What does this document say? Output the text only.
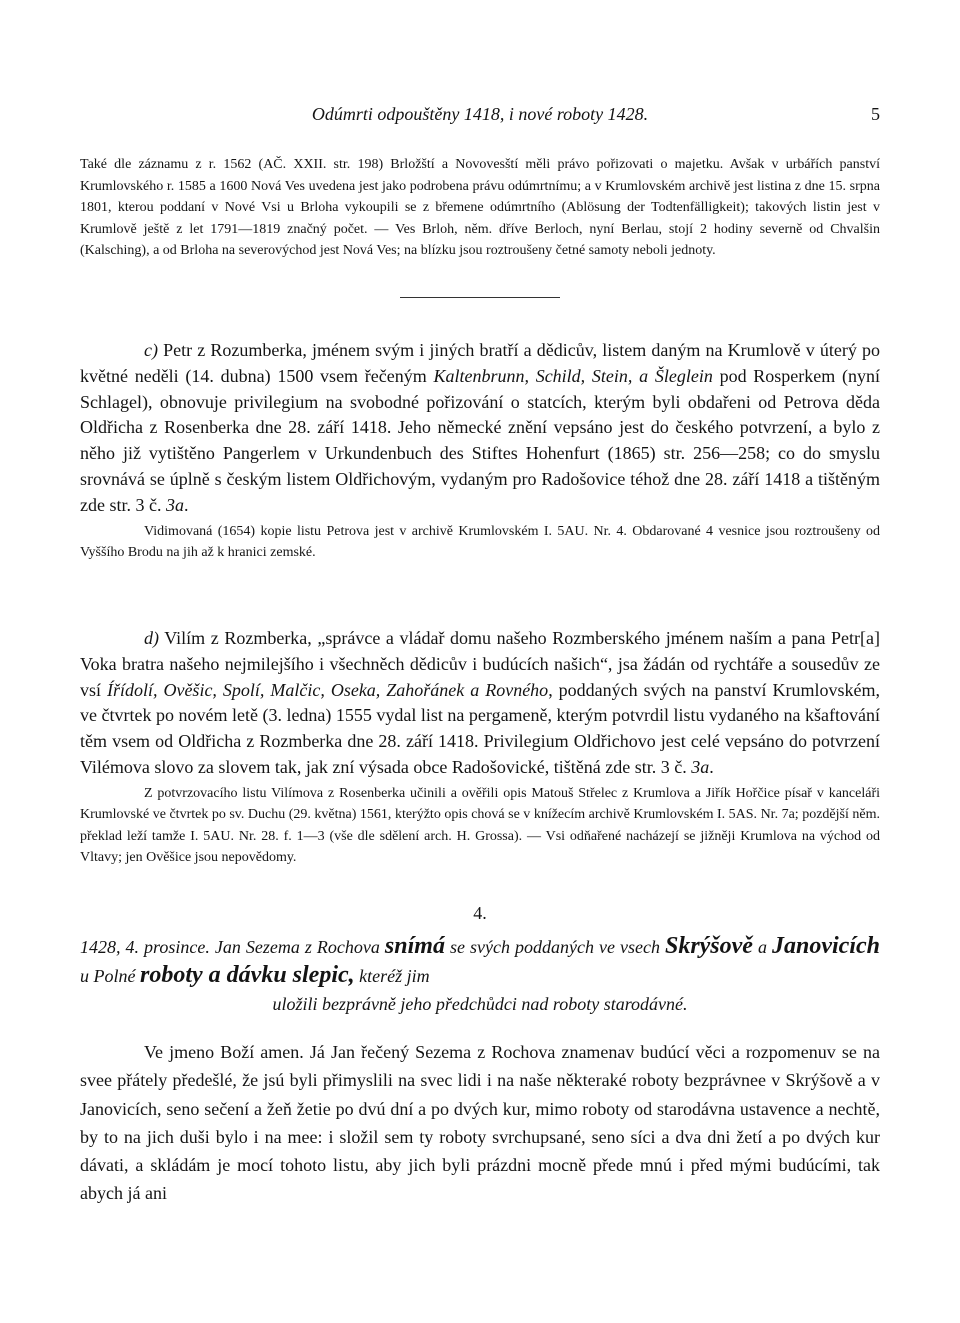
Odúmrti odpouštěny 1418, i nové roboty 1428.	5

Také dle záznamu z r. 1562 (AČ. XXII. str. 198) Brložští a Novovesští měli právo pořizovati o majetku. Avšak v urbářích panství Krumlovského r. 1585 a 1600 Nová Ves uvedena jest jako podrobena právu odúmrtnímu; a v Krumlovském archivě jest listina z dne 15. srpna 1801, kterou poddaní v Nové Vsi u Brloha vykoupili se z břemene odúmrtního (Ablösung der Todtenfälligkeit); takových listin jest v Krumlově ještě z let 1791—1819 značný počet. — Ves Brloh, něm. dříve Berloch, nyní Berlau, stojí 2 hodiny severně od Chvalšin (Kalsching), a od Brloha na severovýchod jest Nová Ves; na blízku jsou roztroušeny četné samoty neboli jednoty.

c) Petr z Rozumberka, jménem svým i jiných bratří a dědicův, listem daným na Krumlově v úterý po květné neděli (14. dubna) 1500 vsem řečeným Kaltenbrunn, Schild, Stein, a Šleglein pod Rosperkem (nyní Schlagel), obnovuje privilegium na svobodné pořizování o statcích, kterým byli obdařeni od Petrova děda Oldřicha z Rosenberka dne 28. září 1418. Jeho německé znění vepsáno jest do českého potvrzení, a bylo z něho již vytištěno Pangerlem v Urkundenbuch des Stiftes Hohenfurt (1865) str. 256—258; co do smyslu srovnává se úplně s českým listem Oldřichovým, vydaným pro Radošovice téhož dne 28. září 1418 a tištěným zde str. 3 č. 3a.

Vidimovaná (1654) kopie listu Petrova jest v archivě Krumlovském I. 5AU. Nr. 4. Obdarované 4 vesnice jsou roztroušeny od Vyššího Brodu na jih až k hranici zemské.

d) Vilím z Rozmberka, „správce a vládař domu našeho Rozmberského jménem naším a pana Petr[a] Voka bratra našeho nejmilejšího i všechněch dědicův i budúcích našich“, jsa žádán od rychtáře a sousedův ze vsí Ířídolí, Ověšic, Spolí, Malčic, Oseka, Zahořánek a Rovného, poddaných svých na panství Krumlovském, ve čtvrtek po novém letě (3. ledna) 1555 vydal list na pergameně, kterým potvrdil listu vydaného na kšaftování těm vsem od Oldřicha z Rozmberka dne 28. září 1418. Privilegium Oldřichovo jest celé vepsáno do potvrzení Vilémova slovo za slovem tak, jak zní výsada obce Radošovické, tištěná zde str. 3 č. 3a.

Z potvrzovacího listu Vilímova z Rosenberka učinili a ověřili opis Matouš Střelec z Krumlova a Jiřík Hořčice písař v kanceláři Krumlovské ve čtvrtek po sv. Duchu (29. května) 1561, kterýžto opis chová se v knížecím archivě Krumlovském I. 5AS. Nr. 7a; pozdější něm. překlad leží tamže I. 5AU. Nr. 28. f. 1—3 (vše dle sdělení arch. H. Grossa). — Vsi odňařené nacházejí se jižněji Krumlova na východ od Vltavy; jen Ověšice jsou nepovědomy.

4.
1428, 4. prosince. Jan Sezema z Rochova snímá se svých poddaných ve vsech Skrýšově a Janovicích u Polné roboty a dávku slepic, kteréž jim
uložili bezprávně jeho předchůdci nad roboty starodávné.

Ve jmeno Boží amen. Já Jan řečený Sezema z Rochova znamenav budúcí věci a rozpomenuv se na svee přátely předešlé, že jsú byli přimyslili na svec lidi i na naše některaké roboty bezprávnee v Skrýšově a v Janovicích, seno sečení a žeň žetie po dvú dní a po dvých kur, mimo roboty od starodávna ustavence a nechtě, by to na jich duši bylo i na mee: i složil sem ty roboty svrchupsané, seno síci a dva dni žetí a po dvých kur dávati, a skládám je mocí tohoto listu, aby jich byli prázdni mocně přede mnú i před mými budúcími, tak abych já ani
